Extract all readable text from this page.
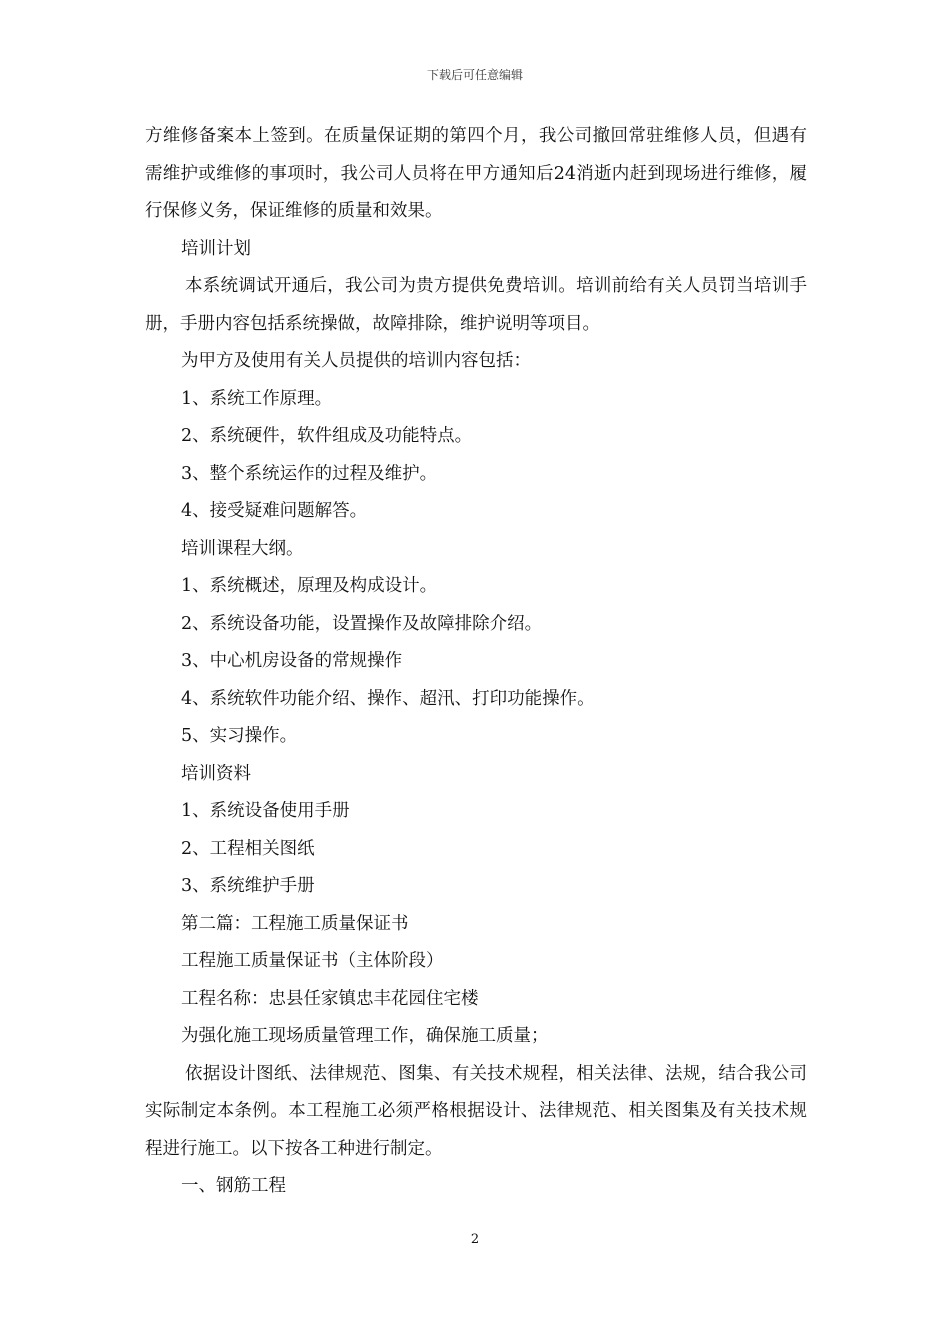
下载后可任意编辑

方维修备案本上签到。在质量保证期的第四个月，我公司撤回常驻维修人员，但遇有需维护或维修的事项时，我公司人员将在甲方通知后24消逝内赶到现场进行维修，履行保修义务，保证维修的质量和效果。

培训计划

本系统调试开通后，我公司为贵方提供免费培训。培训前给有关人员罚当培训手册，手册内容包括系统操做，故障排除，维护说明等项目。

为甲方及使用有关人员提供的培训内容包括：

1、系统工作原理。

2、系统硬件，软件组成及功能特点。

3、整个系统运作的过程及维护。

4、接受疑难问题解答。

培训课程大纲。

1、系统概述，原理及构成设计。

2、系统设备功能，设置操作及故障排除介绍。

3、中心机房设备的常规操作

4、系统软件功能介绍、操作、超汛、打印功能操作。

5、实习操作。

培训资料

1、系统设备使用手册

2、工程相关图纸

3、系统维护手册

第二篇：工程施工质量保证书

工程施工质量保证书（主体阶段）

工程名称：忠县任家镇忠丰花园住宅楼

为强化施工现场质量管理工作，确保施工质量；

依据设计图纸、法律规范、图集、有关技术规程，相关法律、法规，结合我公司实际制定本条例。本工程施工必须严格根据设计、法律规范、相关图集及有关技术规程进行施工。以下按各工种进行制定。

一、钢筋工程

2
